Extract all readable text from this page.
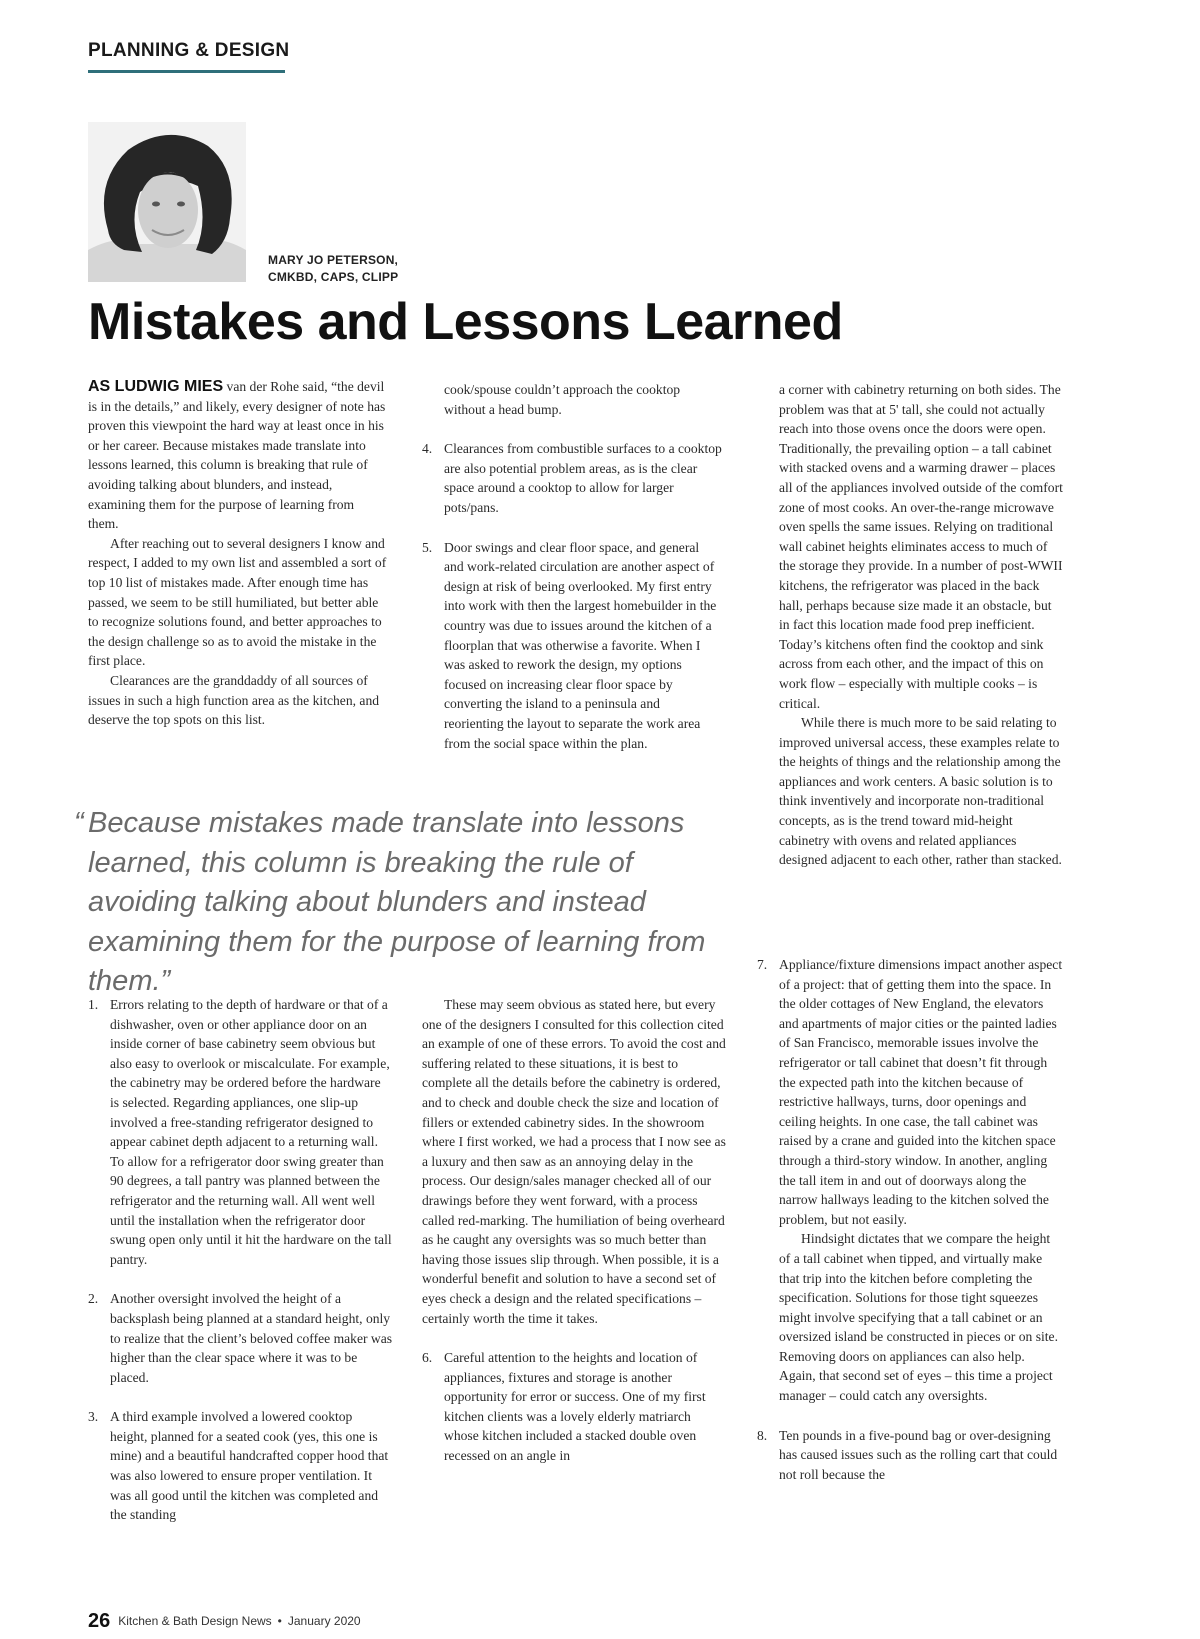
PLANNING & DESIGN
MARY JO PETERSON,
CMKBD, CAPS, CLIPP
Mistakes and Lessons Learned

AS LUDWIG MIES van der Rohe said, “the devil is in the details,” and likely, every designer of note has proven this viewpoint the hard way at least once in his or her career. Because mistakes made translate into lessons learned, this column is breaking that rule of avoiding talking about blunders, and instead, examining them for the purpose of learning from them.

After reaching out to several designers I know and respect, I added to my own list and assembled a sort of top 10 list of mistakes made. After enough time has passed, we seem to be still humiliated, but better able to recognize solutions found, and better approaches to the design challenge so as to avoid the mistake in the first place.

Clearances are the granddaddy of all sources of issues in such a high function area as the kitchen, and deserve the top spots on this list.

cook/spouse couldn’t approach the cooktop without a head bump.

4. Clearances from combustible surfaces to a cooktop are also potential problem areas, as is the clear space around a cooktop to allow for larger pots/pans.
5. Door swings and clear floor space, and general and work-related circulation are another aspect of design at risk of being overlooked. My first entry into work with then the largest homebuilder in the country was due to issues around the kitchen of a floorplan that was otherwise a favorite. When I was asked to rework the design, my options focused on increasing clear floor space by converting the island to a peninsula and reorienting the layout to separate the work area from the social space within the plan.

a corner with cabinetry returning on both sides. The problem was that at 5' tall, she could not actually reach into those ovens once the doors were open. Traditionally, the prevailing option – a tall cabinet with stacked ovens and a warming drawer – places all of the appliances involved outside of the comfort zone of most cooks. An over-the-range microwave oven spells the same issues. Relying on traditional wall cabinet heights eliminates access to much of the storage they provide. In a number of post-WWII kitchens, the refrigerator was placed in the back hall, perhaps because size made it an obstacle, but in fact this location made food prep inefficient. Today’s kitchens often find the cooktop and sink across from each other, and the impact of this on work flow – especially with multiple cooks – is critical.

While there is much more to be said relating to improved universal access, these examples relate to the heights of things and the relationship among the appliances and work centers. A basic solution is to think inventively and incorporate non-traditional concepts, as is the trend toward mid-height cabinetry with ovens and related appliances designed adjacent to each other, rather than stacked.

“ Because mistakes made translate into lessons learned, this column is breaking the rule of avoiding talking about blunders and instead examining them for the purpose of learning from them.”
1. Errors relating to the depth of hardware or that of a dishwasher, oven or other appliance door on an inside corner of base cabinetry seem obvious but also easy to overlook or miscalculate. For example, the cabinetry may be ordered before the hardware is selected. Regarding appliances, one slip-up involved a free-standing refrigerator designed to appear cabinet depth adjacent to a returning wall. To allow for a refrigerator door swing greater than 90 degrees, a tall pantry was planned between the refrigerator and the returning wall. All went well until the installation when the refrigerator door swung open only until it hit the hardware on the tall pantry.
2. Another oversight involved the height of a backsplash being planned at a standard height, only to realize that the client’s beloved coffee maker was higher than the clear space where it was to be placed.
3. A third example involved a lowered cooktop height, planned for a seated cook (yes, this one is mine) and a beautiful handcrafted copper hood that was also lowered to ensure proper ventilation. It was all good until the kitchen was completed and the standing

These may seem obvious as stated here, but every one of the designers I consulted for this collection cited an example of one of these errors. To avoid the cost and suffering related to these situations, it is best to complete all the details before the cabinetry is ordered, and to check and double check the size and location of fillers or extended cabinetry sides. In the showroom where I first worked, we had a process that I now see as a luxury and then saw as an annoying delay in the process. Our design/sales manager checked all of our drawings before they went forward, with a process called red-marking. The humiliation of being overheard as he caught any oversights was so much better than having those issues slip through. When possible, it is a wonderful benefit and solution to have a second set of eyes check a design and the related specifications – certainly worth the time it takes.

6. Careful attention to the heights and location of appliances, fixtures and storage is another opportunity for error or success. One of my first kitchen clients was a lovely elderly matriarch whose kitchen included a stacked double oven recessed on an angle in
7. Appliance/fixture dimensions impact another aspect of a project: that of getting them into the space. In the older cottages of New England, the elevators and apartments of major cities or the painted ladies of San Francisco, memorable issues involve the refrigerator or tall cabinet that doesn’t fit through the expected path into the kitchen because of restrictive hallways, turns, door openings and ceiling heights. In one case, the tall cabinet was raised by a crane and guided into the kitchen space through a third-story window. In another, angling the tall item in and out of doorways along the narrow hallways leading to the kitchen solved the problem, but not easily.

Hindsight dictates that we compare the height of a tall cabinet when tipped, and virtually make that trip into the kitchen before completing the specification. Solutions for those tight squeezes might involve specifying that a tall cabinet or an oversized island be constructed in pieces or on site. Removing doors on appliances can also help. Again, that second set of eyes – this time a project manager – could catch any oversights.

8. Ten pounds in a five-pound bag or over-designing has caused issues such as the rolling cart that could not roll because the
26 Kitchen & Bath Design News • January 2020
